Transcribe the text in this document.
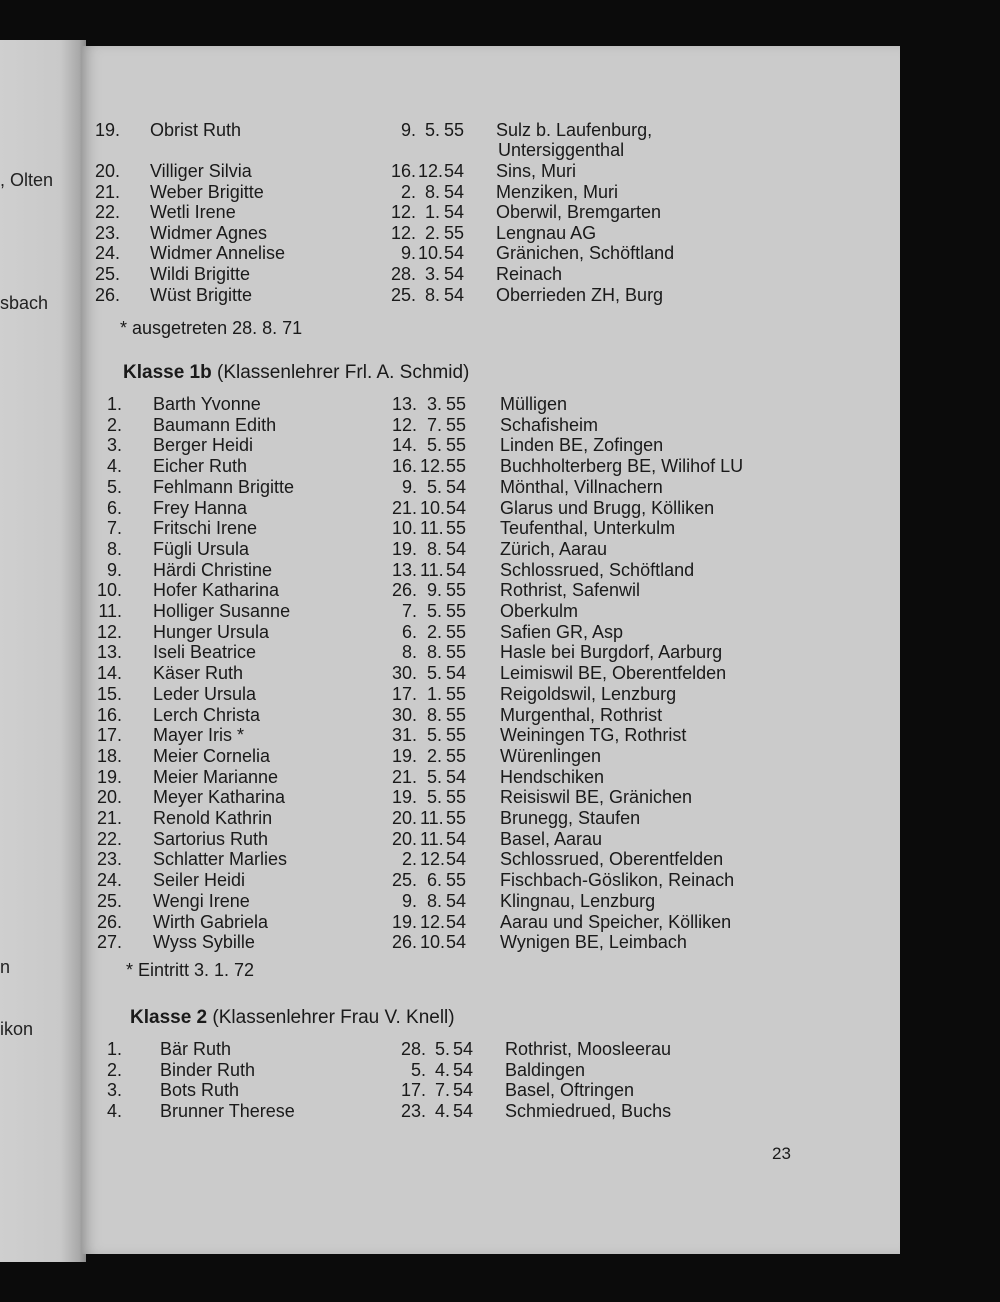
, Olten
sbach
n
ikon
* ausgetreten 28. 8. 71
Klasse 1b (Klassenlehrer Frl. A. Schmid)
* Eintritt 3. 1. 72
Klasse 2 (Klassenlehrer Frau V. Knell)
23
19. Obrist Ruth	9. 5. 55 Sulz b. Laufenburg,
Untersiggenthal
20. Villiger Silvia	16. 12. 54 Sins, Muri
21. Weber Brigitte	2. 8. 54 Menziken, Muri
22. Wetli Irene	12. 1. 54 Oberwil, Bremgarten
23. Widmer Agnes	12. 2. 55 Lengnau AG
24. Widmer Annelise	9. 10. 54 Gränichen, Schöftland
25. Wildi Brigitte	28. 3. 54 Reinach
26. Wüst Brigitte	25. 8. 54 Oberrieden ZH, Burg
1. Barth Yvonne	13. 3. 55 Mülligen
2. Baumann Edith	12. 7. 55 Schafisheim
3. Berger Heidi	14. 5. 55 Linden BE, Zofingen
4. Eicher Ruth	16. 12. 55 Buchholterberg BE, Wilihof LU
5. Fehlmann Brigitte	9. 5. 54 Mönthal, Villnachern
6. Frey Hanna	21. 10. 54 Glarus und Brugg, Kölliken
7. Fritschi Irene	10. 11. 55 Teufenthal, Unterkulm
8. Fügli Ursula	19. 8. 54 Zürich, Aarau
9. Härdi Christine	13. 11. 54 Schlossrued, Schöftland
10. Hofer Katharina	26. 9. 55 Rothrist, Safenwil
11. Holliger Susanne	7. 5. 55 Oberkulm
12. Hunger Ursula	6. 2. 55 Safien GR, Asp
13. Iseli Beatrice	8. 8. 55 Hasle bei Burgdorf, Aarburg
14. Käser Ruth	30. 5. 54 Leimiswil BE, Oberentfelden
15. Leder Ursula	17. 1. 55 Reigoldswil, Lenzburg
16. Lerch Christa	30. 8. 55 Murgenthal, Rothrist
17. Mayer Iris *	31. 5. 55 Weiningen TG, Rothrist
18. Meier Cornelia	19. 2. 55 Würenlingen
19. Meier Marianne	21. 5. 54 Hendschiken
20. Meyer Katharina	19. 5. 55 Reisiswil BE, Gränichen
21. Renold Kathrin	20. 11. 55 Brunegg, Staufen
22. Sartorius Ruth	20. 11. 54 Basel, Aarau
23. Schlatter Marlies	2. 12. 54 Schlossrued, Oberentfelden
24. Seiler Heidi	25. 6. 55 Fischbach-Göslikon, Reinach
25. Wengi Irene	9. 8. 54 Klingnau, Lenzburg
26. Wirth Gabriela	19. 12. 54 Aarau und Speicher, Kölliken
27. Wyss Sybille	26. 10. 54 Wynigen BE, Leimbach
1. Bär Ruth	28. 5. 54 Rothrist, Moosleerau
2. Binder Ruth	5. 4. 54 Baldingen
3. Bots Ruth	17. 7. 54 Basel, Oftringen
4. Brunner Therese	23. 4. 54 Schmiedrued, Buchs
